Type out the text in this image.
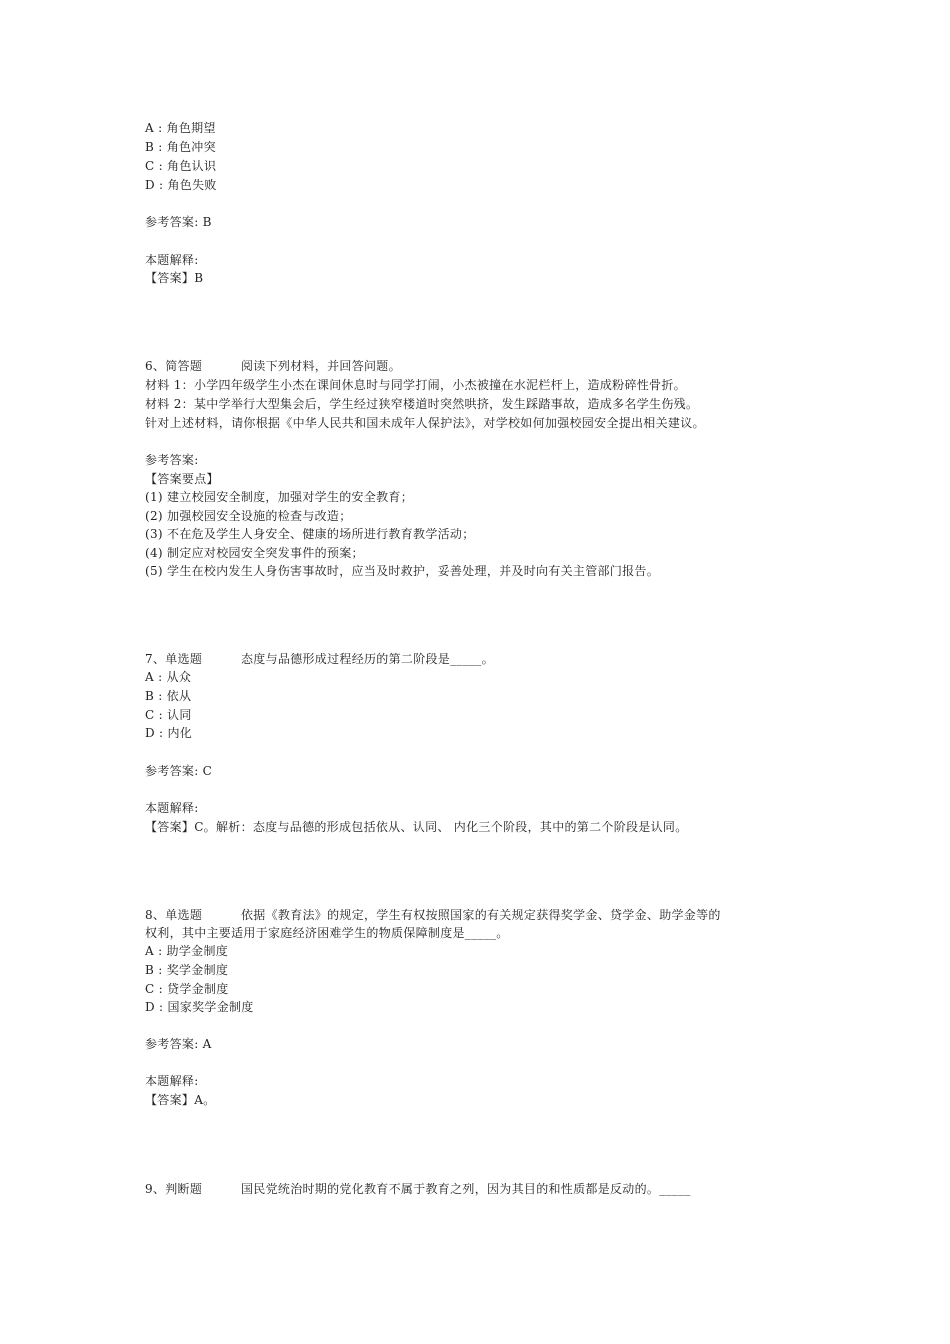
A : 角色期望
B : 角色冲突
C : 角色认识
D : 角色失败
参考答案: B
本题解释:
【答案】B
6、简答题	阅读下列材料，并回答问题。
材料 1：小学四年级学生小杰在课间休息时与同学打闹，小杰被撞在水泥栏杆上，造成粉碎性骨折。
材料 2：某中学举行大型集会后，学生经过狭窄楼道时突然哄挤，发生踩踏事故，造成多名学生伤残。
针对上述材料，请你根据《中华人民共和国未成年人保护法》，对学校如何加强校园安全提出相关建议。
参考答案:
【答案要点】
(1) 建立校园安全制度，加强对学生的安全教育；
(2) 加强校园安全设施的检查与改造；
(3) 不在危及学生人身安全、健康的场所进行教育教学活动；
(4) 制定应对校园安全突发事件的预案；
(5) 学生在校内发生人身伤害事故时，应当及时救护，妥善处理，并及时向有关主管部门报告。
7、单选题	态度与品德形成过程经历的第二阶段是_____。
A : 从众
B : 依从
C : 认同
D : 内化
参考答案: C
本题解释:
【答案】C。解析：态度与品德的形成包括依从、认同、 内化三个阶段，其中的第二个阶段是认同。
8、单选题	依据《教育法》的规定，学生有权按照国家的有关规定获得奖学金、贷学金、助学金等的
权利，其中主要适用于家庭经济困难学生的物质保障制度是_____。
A : 助学金制度
B : 奖学金制度
C : 贷学金制度
D : 国家奖学金制度
参考答案: A
本题解释:
【答案】A。
9、判断题	国民党统治时期的党化教育不属于教育之列，因为其目的和性质都是反动的。_____
